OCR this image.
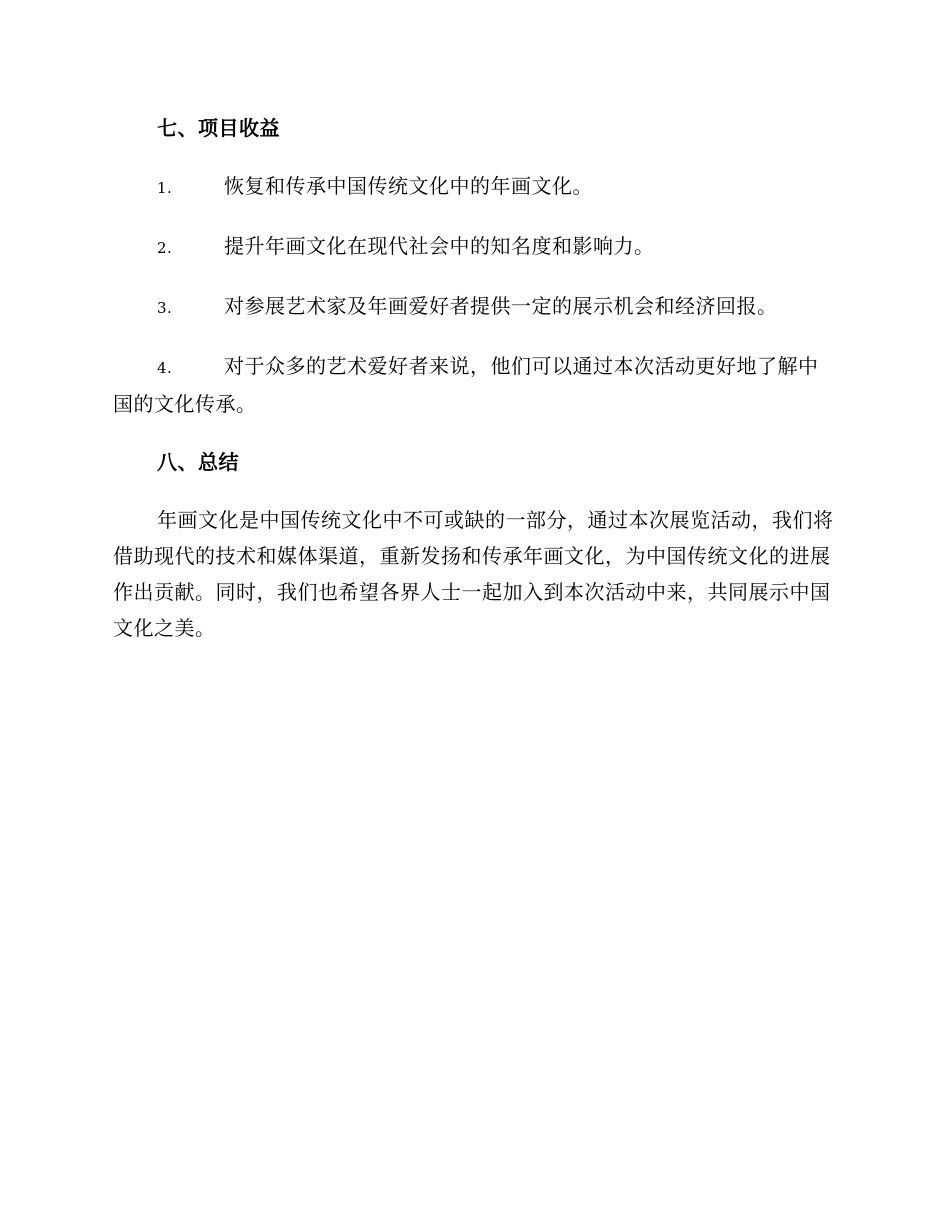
七、项目收益
1.	恢复和传承中国传统文化中的年画文化。
2.	提升年画文化在现代社会中的知名度和影响力。
3.	对参展艺术家及年画爱好者提供一定的展示机会和经济回报。
4.	对于众多的艺术爱好者来说，他们可以通过本次活动更好地了解中国的文化传承。
八、总结

年画文化是中国传统文化中不可或缺的一部分，通过本次展览活动，我们将借助现代的技术和媒体渠道，重新发扬和传承年画文化，为中国传统文化的进展作出贡献。同时，我们也希望各界人士一起加入到本次活动中来，共同展示中国文化之美。
